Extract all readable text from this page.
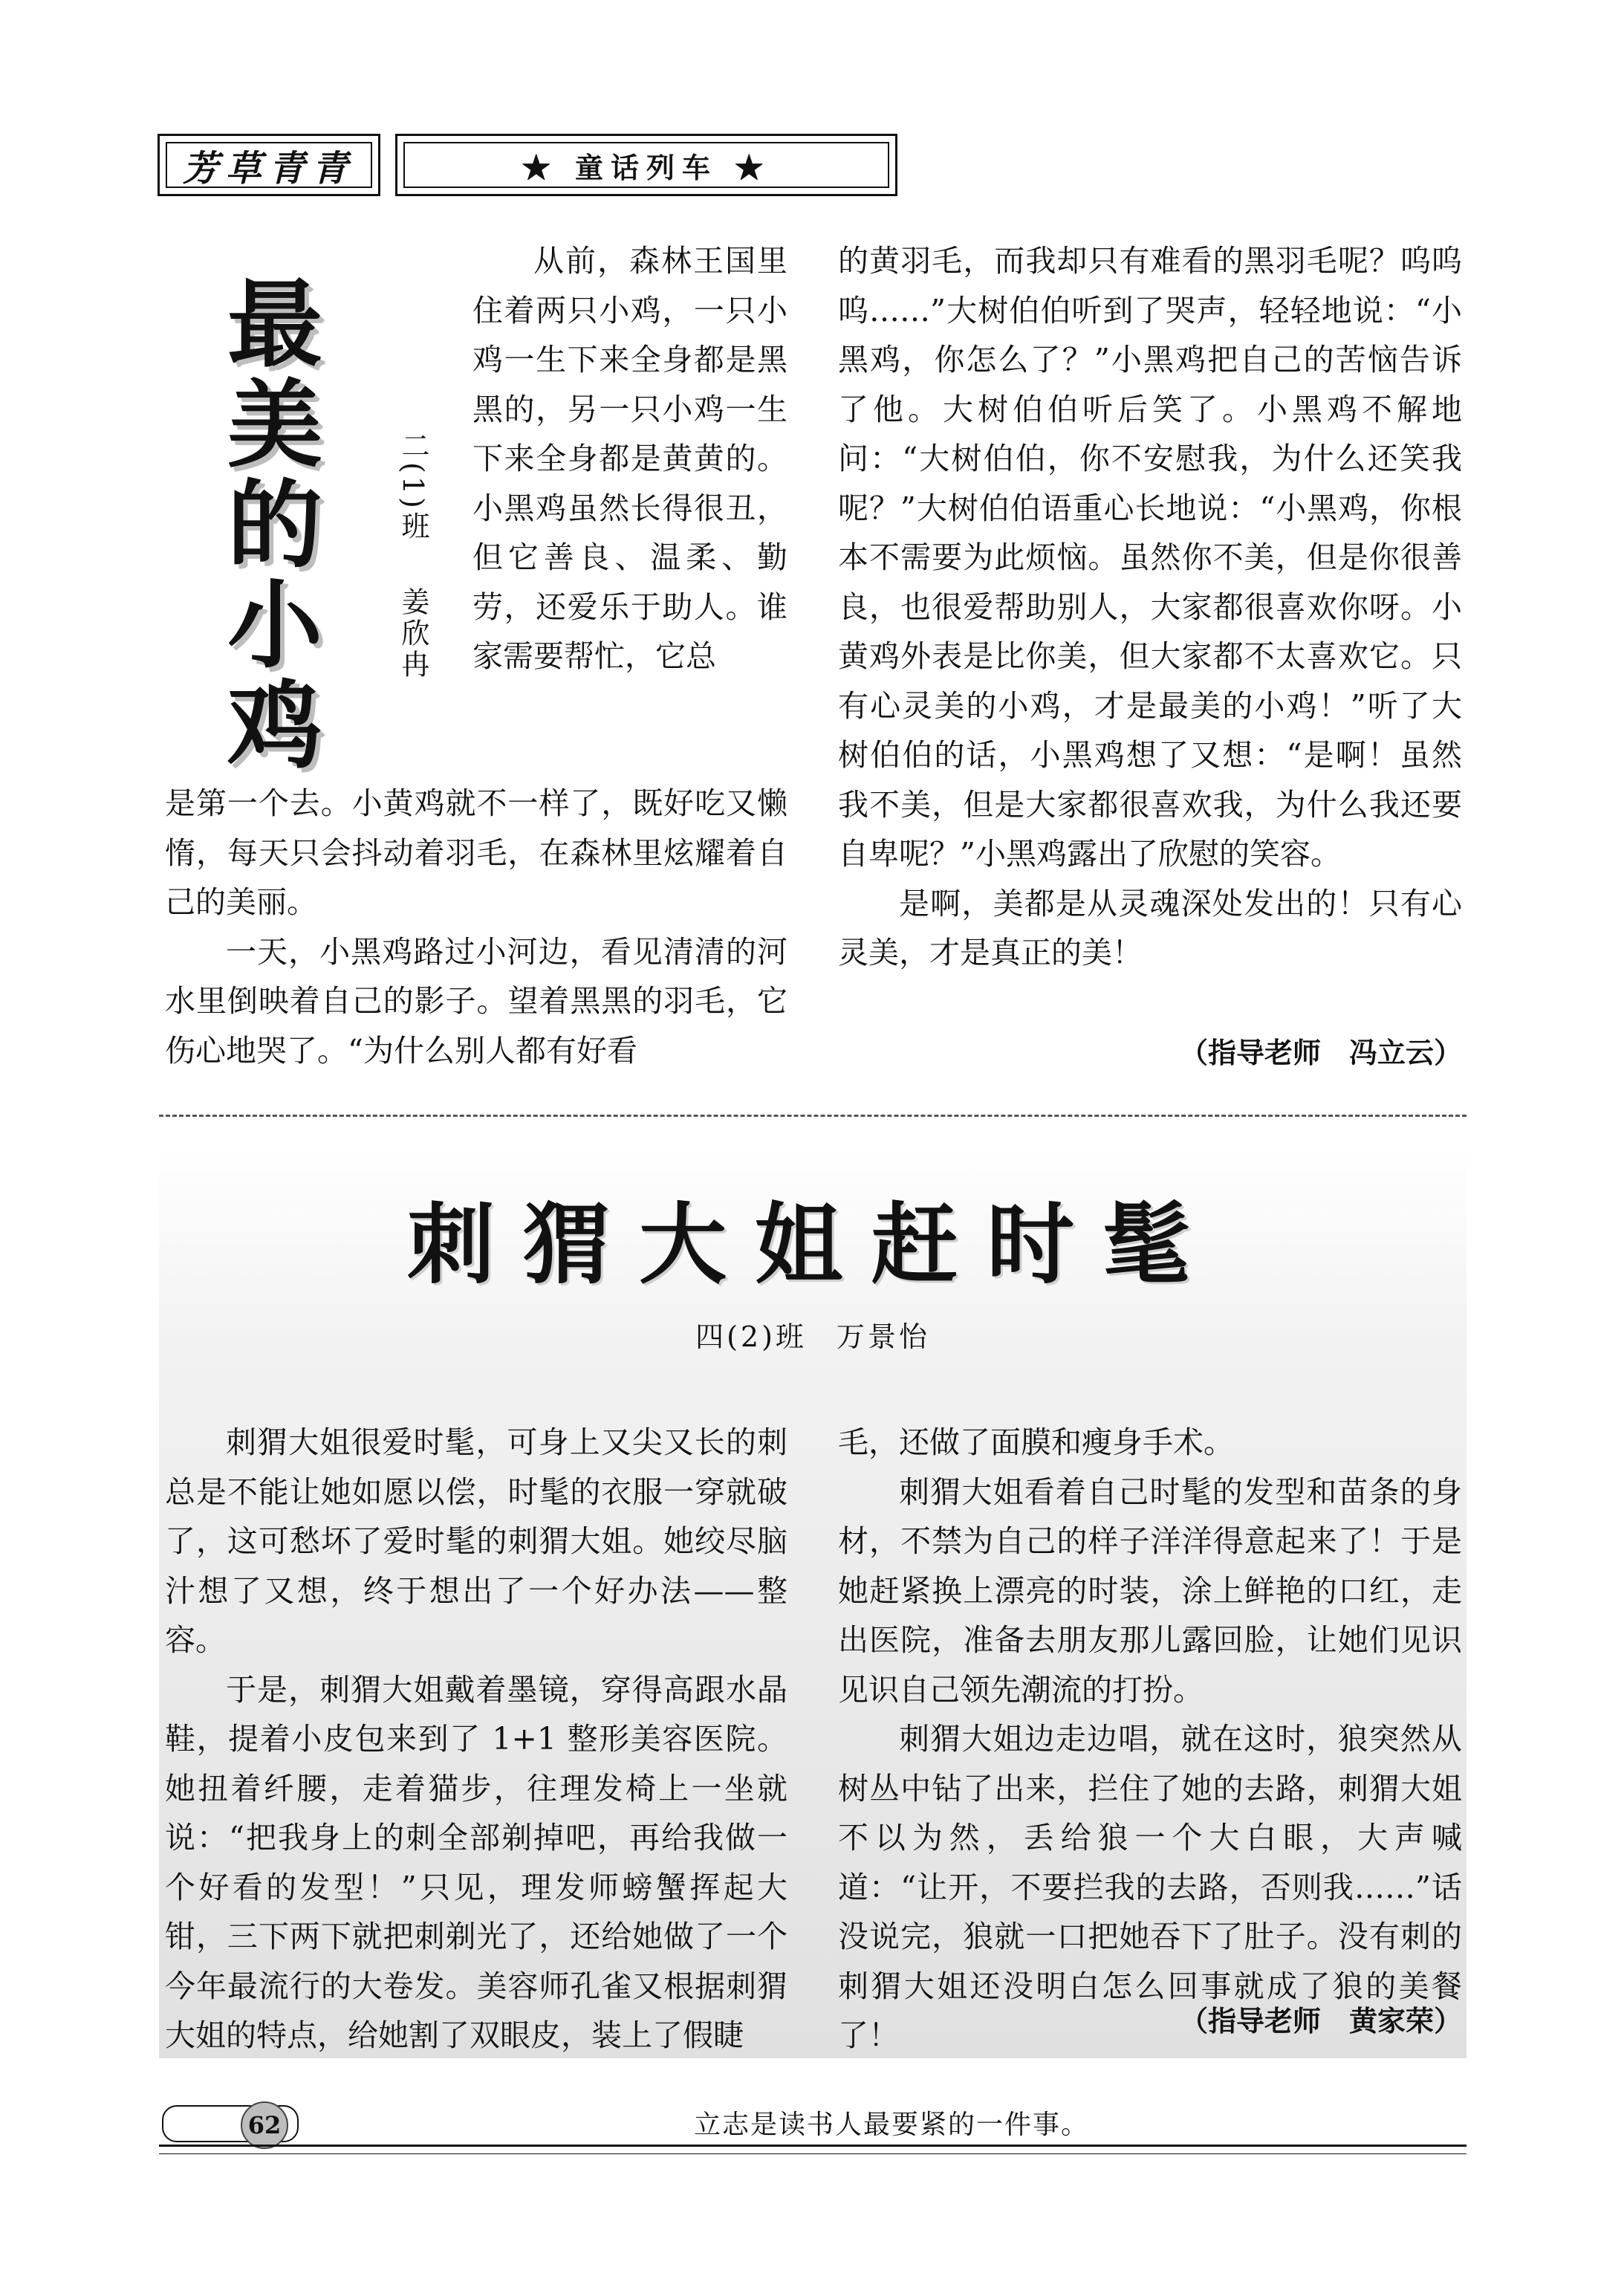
芳草青青	★ 童话列车 ★
最
美
的
小
鸡
二(1)班姜欣冉

从前，森林王国里住着两只小鸡，一只小鸡一生下来全身都是黑黑的，另一只小鸡一生下来全身都是黄黄的。小黑鸡虽然长得很丑，但它善良、温柔、勤劳，还爱乐于助人。谁家需要帮忙，它总

是第一个去。小黄鸡就不一样了，既好吃又懒惰，每天只会抖动着羽毛，在森林里炫耀着自己的美丽。

一天，小黑鸡路过小河边，看见清清的河水里倒映着自己的影子。望着黑黑的羽毛，它伤心地哭了。“为什么别人都有好看

的黄羽毛，而我却只有难看的黑羽毛呢？呜呜呜……”大树伯伯听到了哭声，轻轻地说：“小黑鸡，你怎么了？”小黑鸡把自己的苦恼告诉了他。大树伯伯听后笑了。小黑鸡不解地问：“大树伯伯，你不安慰我，为什么还笑我呢？”大树伯伯语重心长地说：“小黑鸡，你根本不需要为此烦恼。虽然你不美，但是你很善良，也很爱帮助别人，大家都很喜欢你呀。小黄鸡外表是比你美，但大家都不太喜欢它。只有心灵美的小鸡，才是最美的小鸡！”听了大树伯伯的话，小黑鸡想了又想：“是啊！虽然我不美，但是大家都很喜欢我，为什么我还要自卑呢？”小黑鸡露出了欣慰的笑容。

是啊，美都是从灵魂深处发出的！只有心灵美，才是真正的美！

（指导老师　冯立云）
刺猬大姐赶时髦
四(2)班 万景怡

刺猬大姐很爱时髦，可身上又尖又长的刺总是不能让她如愿以偿，时髦的衣服一穿就破了，这可愁坏了爱时髦的刺猬大姐。她绞尽脑汁想了又想，终于想出了一个好办法——整容。

于是，刺猬大姐戴着墨镜，穿得高跟水晶鞋，提着小皮包来到了 1+1 整形美容医院。她扭着纤腰，走着猫步，往理发椅上一坐就说：“把我身上的刺全部剃掉吧，再给我做一个好看的发型！”只见，理发师螃蟹挥起大钳，三下两下就把刺剃光了，还给她做了一个今年最流行的大卷发。美容师孔雀又根据刺猬大姐的特点，给她割了双眼皮，装上了假睫

毛，还做了面膜和瘦身手术。

刺猬大姐看着自己时髦的发型和苗条的身材，不禁为自己的样子洋洋得意起来了！于是她赶紧换上漂亮的时装，涂上鲜艳的口红，走出医院，准备去朋友那儿露回脸，让她们见识见识自己领先潮流的打扮。

刺猬大姐边走边唱，就在这时，狼突然从树丛中钻了出来，拦住了她的去路，刺猬大姐不以为然，丢给狼一个大白眼，大声喊道：“让开，不要拦我的去路，否则我……”话没说完，狼就一口把她吞下了肚子。没有刺的刺猬大姐还没明白怎么回事就成了狼的美餐了！	（指导老师　黄家荣）
62	立志是读书人最要紧的一件事。
